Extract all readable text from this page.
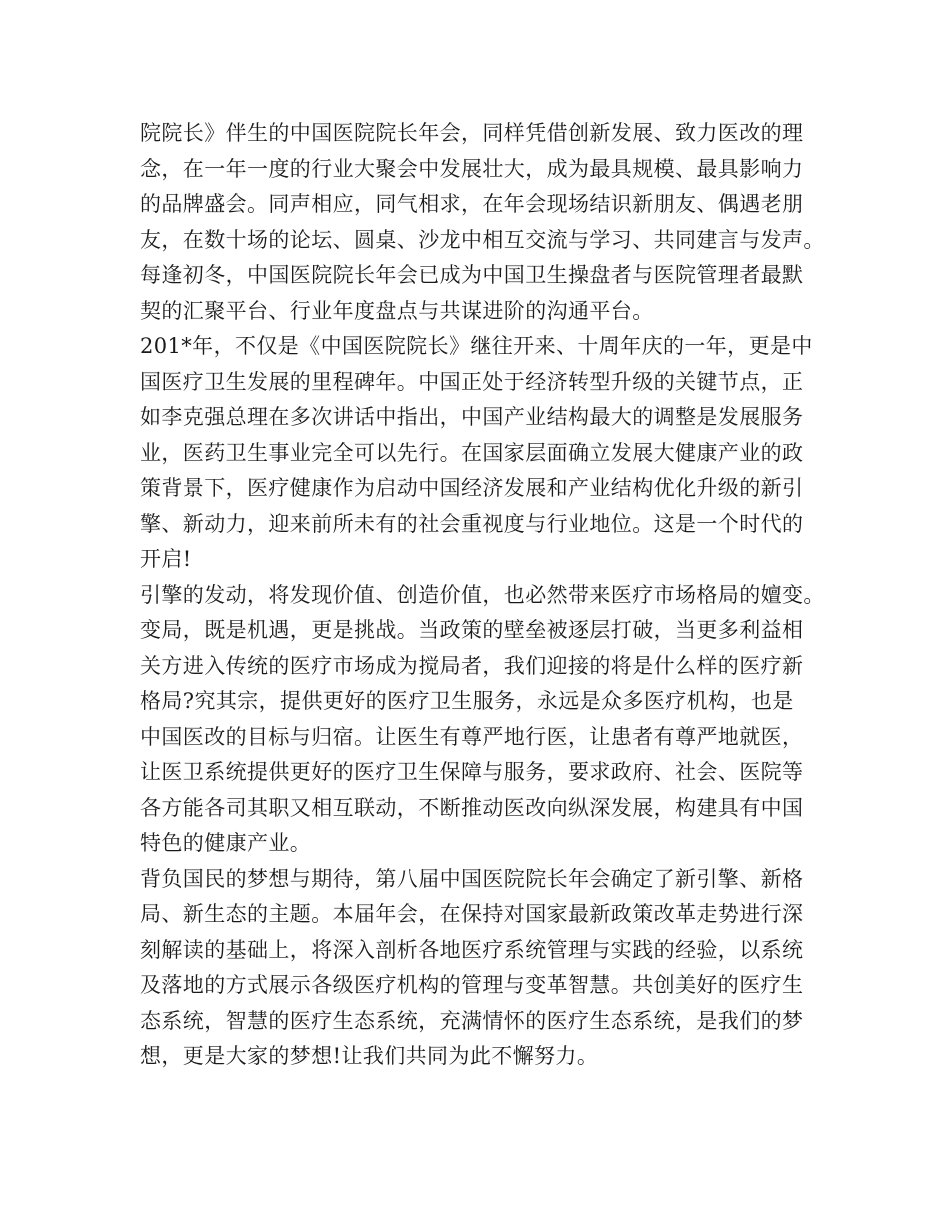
院院长》伴生的中国医院院长年会，同样凭借创新发展、致力医改的理
念，在一年一度的行业大聚会中发展壮大，成为最具规模、最具影响力
的品牌盛会。同声相应，同气相求，在年会现场结识新朋友、偶遇老朋
友，在数十场的论坛、圆桌、沙龙中相互交流与学习、共同建言与发声。
每逢初冬，中国医院院长年会已成为中国卫生操盘者与医院管理者最默
契的汇聚平台、行业年度盘点与共谋进阶的沟通平台。

201*年，不仅是《中国医院院长》继往开来、十周年庆的一年，更是中
国医疗卫生发展的里程碑年。中国正处于经济转型升级的关键节点，正
如李克强总理在多次讲话中指出，中国产业结构最大的调整是发展服务
业，医药卫生事业完全可以先行。在国家层面确立发展大健康产业的政
策背景下，医疗健康作为启动中国经济发展和产业结构优化升级的新引
擎、新动力，迎来前所未有的社会重视度与行业地位。这是一个时代的
开启!

引擎的发动，将发现价值、创造价值，也必然带来医疗市场格局的嬗变。
变局，既是机遇，更是挑战。当政策的壁垒被逐层打破，当更多利益相
关方进入传统的医疗市场成为搅局者，我们迎接的将是什么样的医疗新
格局?究其宗，提供更好的医疗卫生服务，永远是众多医疗机构，也是
中国医改的目标与归宿。让医生有尊严地行医，让患者有尊严地就医，
让医卫系统提供更好的医疗卫生保障与服务，要求政府、社会、医院等
各方能各司其职又相互联动，不断推动医改向纵深发展，构建具有中国
特色的健康产业。

背负国民的梦想与期待，第八届中国医院院长年会确定了新引擎、新格
局、新生态的主题。本届年会，在保持对国家最新政策改革走势进行深
刻解读的基础上，将深入剖析各地医疗系统管理与实践的经验，以系统
及落地的方式展示各级医疗机构的管理与变革智慧。共创美好的医疗生
态系统，智慧的医疗生态系统，充满情怀的医疗生态系统，是我们的梦
想，更是大家的梦想!让我们共同为此不懈努力。
